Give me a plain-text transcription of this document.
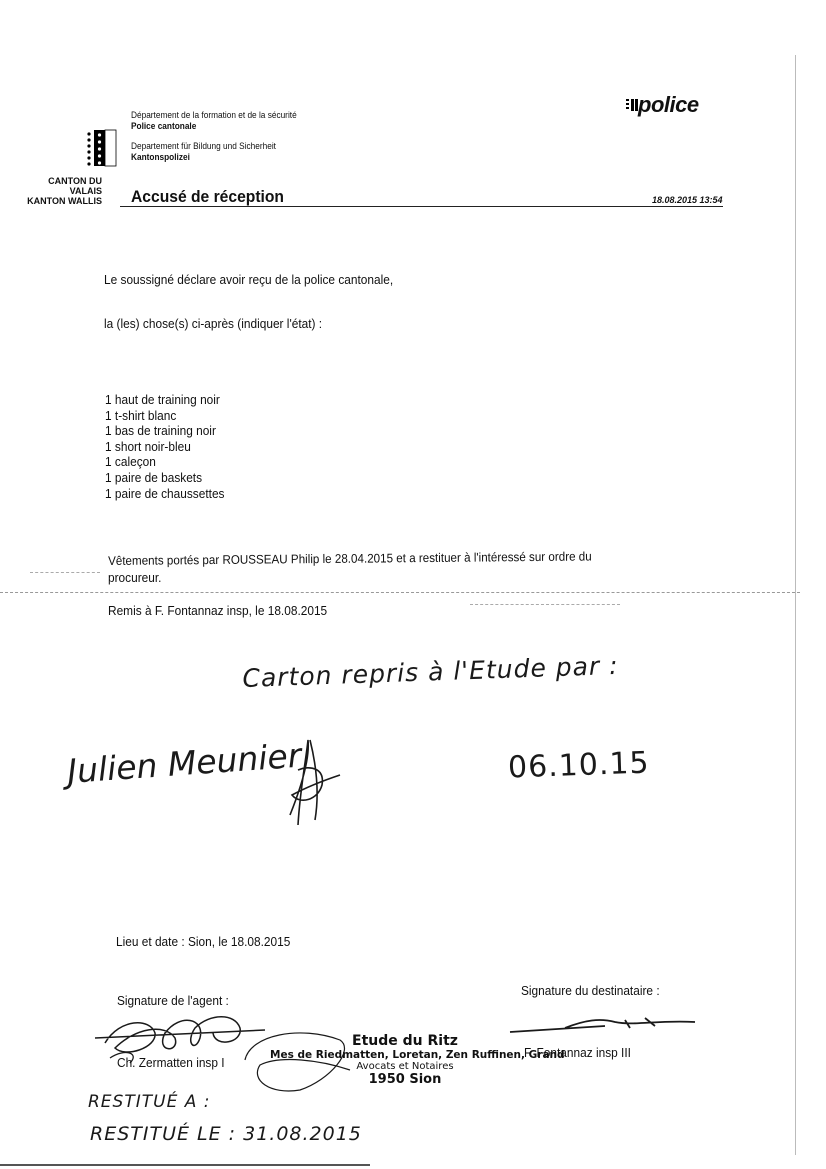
CANTON DU VALAIS
KANTON WALLIS
Département de la formation et de la sécurité
Police cantonale
Departement für Bildung und Sicherheit
Kantonspolizei
police
Accusé de réception	18.08.2015 13:54
Le soussigné déclare avoir reçu de la police cantonale,
la (les) chose(s) ci-après (indiquer l'état) :
1 haut de training noir
1 t-shirt blanc
1 bas de training noir
1 short noir-bleu
1 caleçon
1 paire de baskets
1 paire de chaussettes
Vêtements portés par ROUSSEAU Philip le 28.04.2015 et a restituer à l'intéressé sur ordre du
procureur.
Remis à F. Fontannaz insp, le 18.08.2015
Carton repris à l'Etude par :
Julien Meunier	06.10.15
Lieu et date : Sion, le 18.08.2015
Signature de l'agent :
Signature du destinataire :
Ch. Zermatten insp I
F. Fontannaz insp III
Etude du Ritz
Mes de Riedmatten, Loretan, Zen Ruffinen, Grand
Avocats et Notaires
1950 Sion
RESTITUÉ A :
RESTITUÉ LE : 31.08.2015
